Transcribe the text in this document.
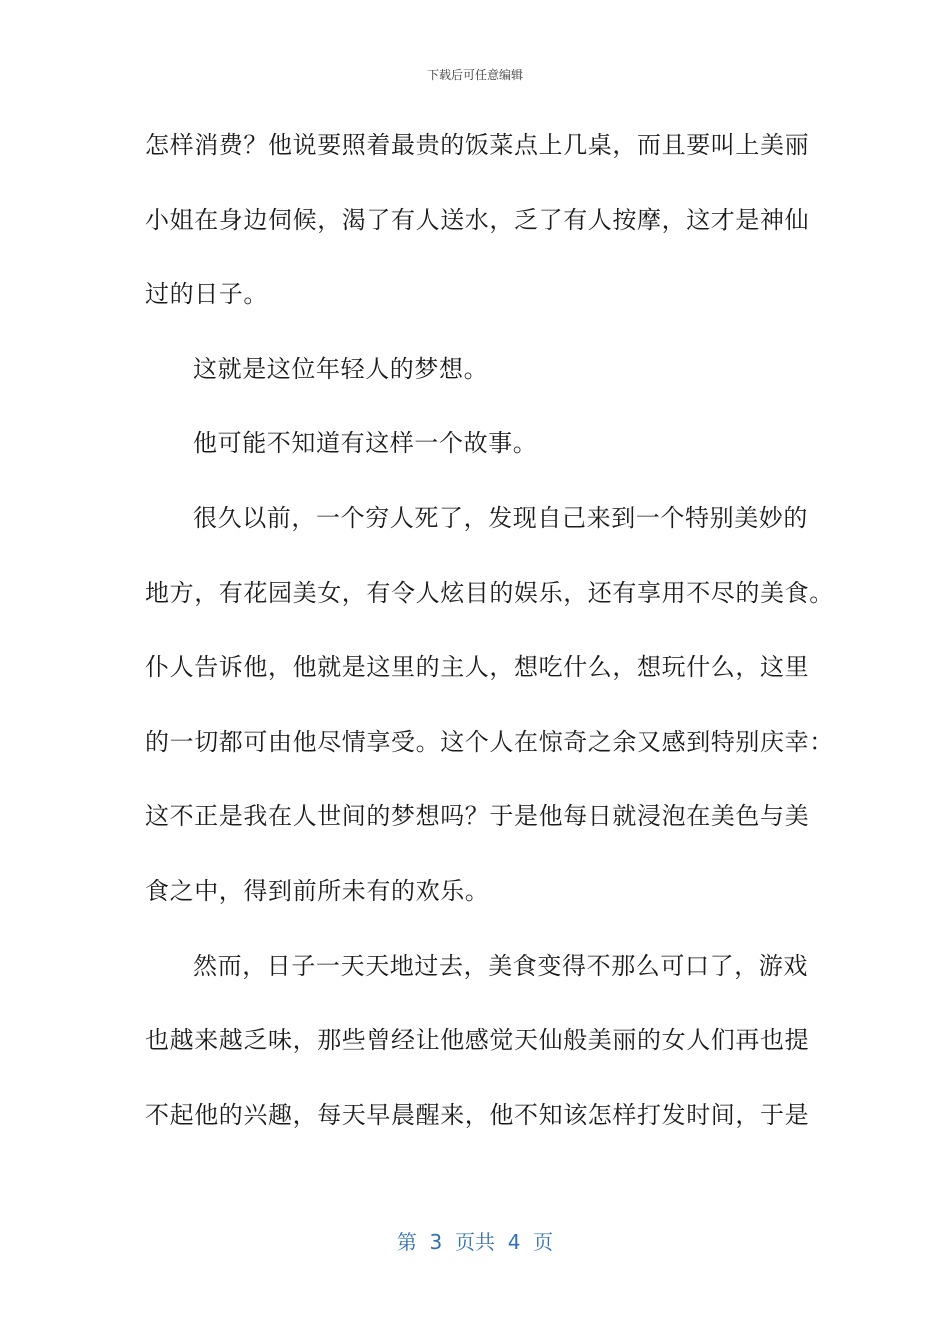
下载后可任意编辑
怎样消费？他说要照着最贵的饭菜点上几桌，而且要叫上美丽
小姐在身边伺候，渴了有人送水，乏了有人按摩，这才是神仙
过的日子。
这就是这位年轻人的梦想。
他可能不知道有这样一个故事。
很久以前，一个穷人死了，发现自己来到一个特别美妙的
地方，有花园美女，有令人炫目的娱乐，还有享用不尽的美食。
仆人告诉他，他就是这里的主人，想吃什么，想玩什么，这里
的一切都可由他尽情享受。这个人在惊奇之余又感到特别庆幸：
这不正是我在人世间的梦想吗？于是他每日就浸泡在美色与美
食之中，得到前所未有的欢乐。
然而，日子一天天地过去，美食变得不那么可口了，游戏
也越来越乏味，那些曾经让他感觉天仙般美丽的女人们再也提
不起他的兴趣，每天早晨醒来，他不知该怎样打发时间，于是
第  3  页共  4  页
